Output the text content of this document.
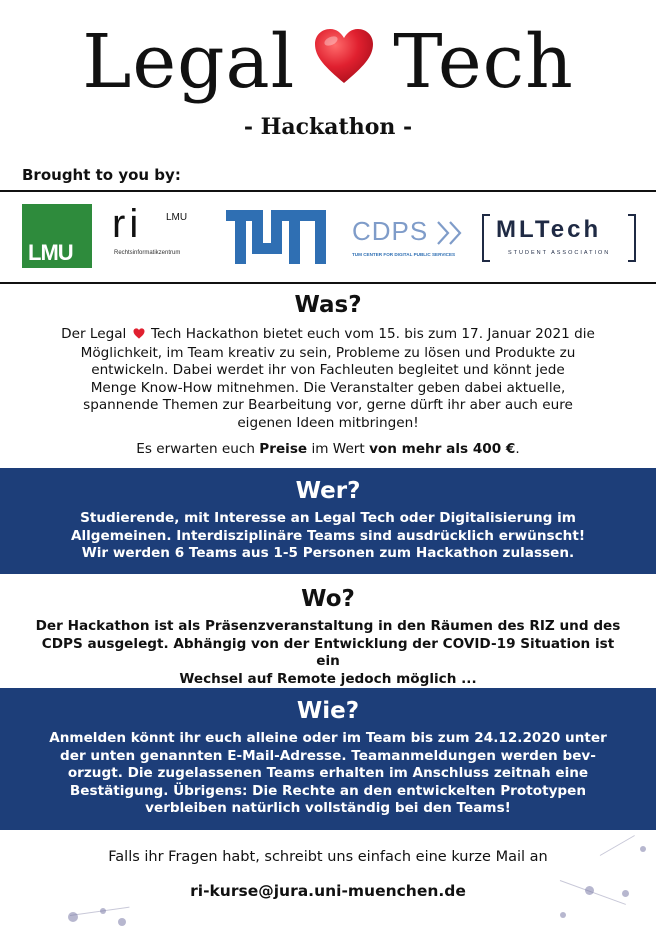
Legal Tech
- Hackathon -
Brought to you by:
LMU
ri LMU
Rechtsinformatikzentrum
CDPS
TUM CENTER FOR DIGITAL PUBLIC SERVICES
MLTech
STUDENT ASSOCIATION
Was?

Der Legal Tech Hackathon bietet euch vom 15. bis zum 17. Januar 2021 die
Möglichkeit, im Team kreativ zu sein, Probleme zu lösen und Produkte zu
entwickeln. Dabei werdet ihr von Fachleuten begleitet und könnt jede
Menge Know-How mitnehmen. Die Veranstalter geben dabei aktuelle,
spannende Themen zur Bearbeitung vor, gerne dürft ihr aber auch eure
eigenen Ideen mitbringen!

Es erwarten euch Preise im Wert von mehr als 400 €.

Wer?

Studierende, mit Interesse an Legal Tech oder Digitalisierung im
Allgemeinen. Interdisziplinäre Teams sind ausdrücklich erwünscht!
Wir werden 6 Teams aus 1-5 Personen zum Hackathon zulassen.

Wo?

Der Hackathon ist als Präsenzveranstaltung in den Räumen des RIZ und des
CDPS ausgelegt. Abhängig von der Entwicklung der COVID-19 Situation ist ein
Wechsel auf Remote jedoch möglich ...

Wie?

Anmelden könnt ihr euch alleine oder im Team bis zum 24.12.2020 unter
der unten genannten E-Mail-Adresse. Teamanmeldungen werden bev-
orzugt. Die zugelassenen Teams erhalten im Anschluss zeitnah eine
Bestätigung. Übrigens: Die Rechte an den entwickelten Prototypen
verbleiben natürlich vollständig bei den Teams!

Falls ihr Fragen habt, schreibt uns einfach eine kurze Mail an
ri-kurse@jura.uni-muenchen.de
